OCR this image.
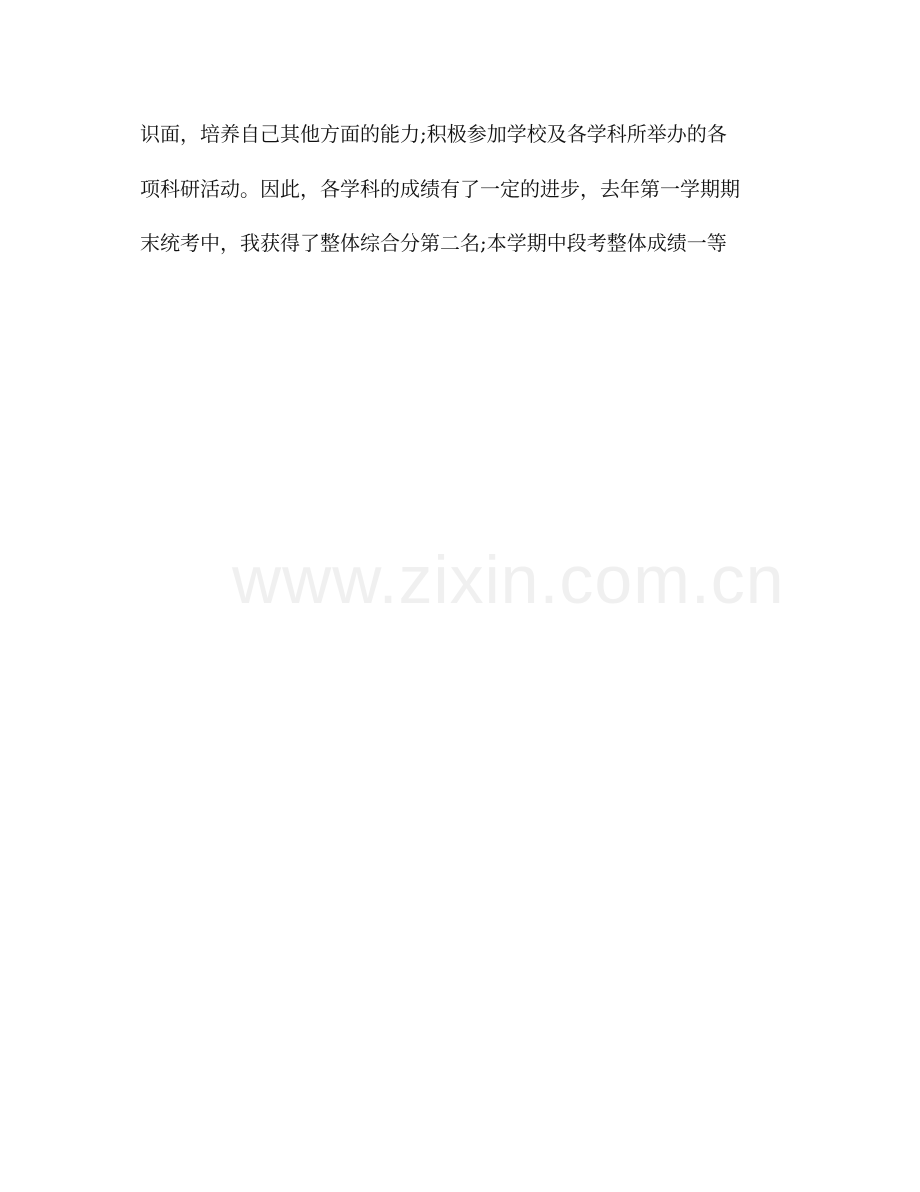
www.zixin.com.cn
识面，培养自己其他方面的能力;积极参加学校及各学科所举办的各
项科研活动。因此，各学科的成绩有了一定的进步，去年第一学期期
末统考中，我获得了整体综合分第二名;本学期中段考整体成绩一等
